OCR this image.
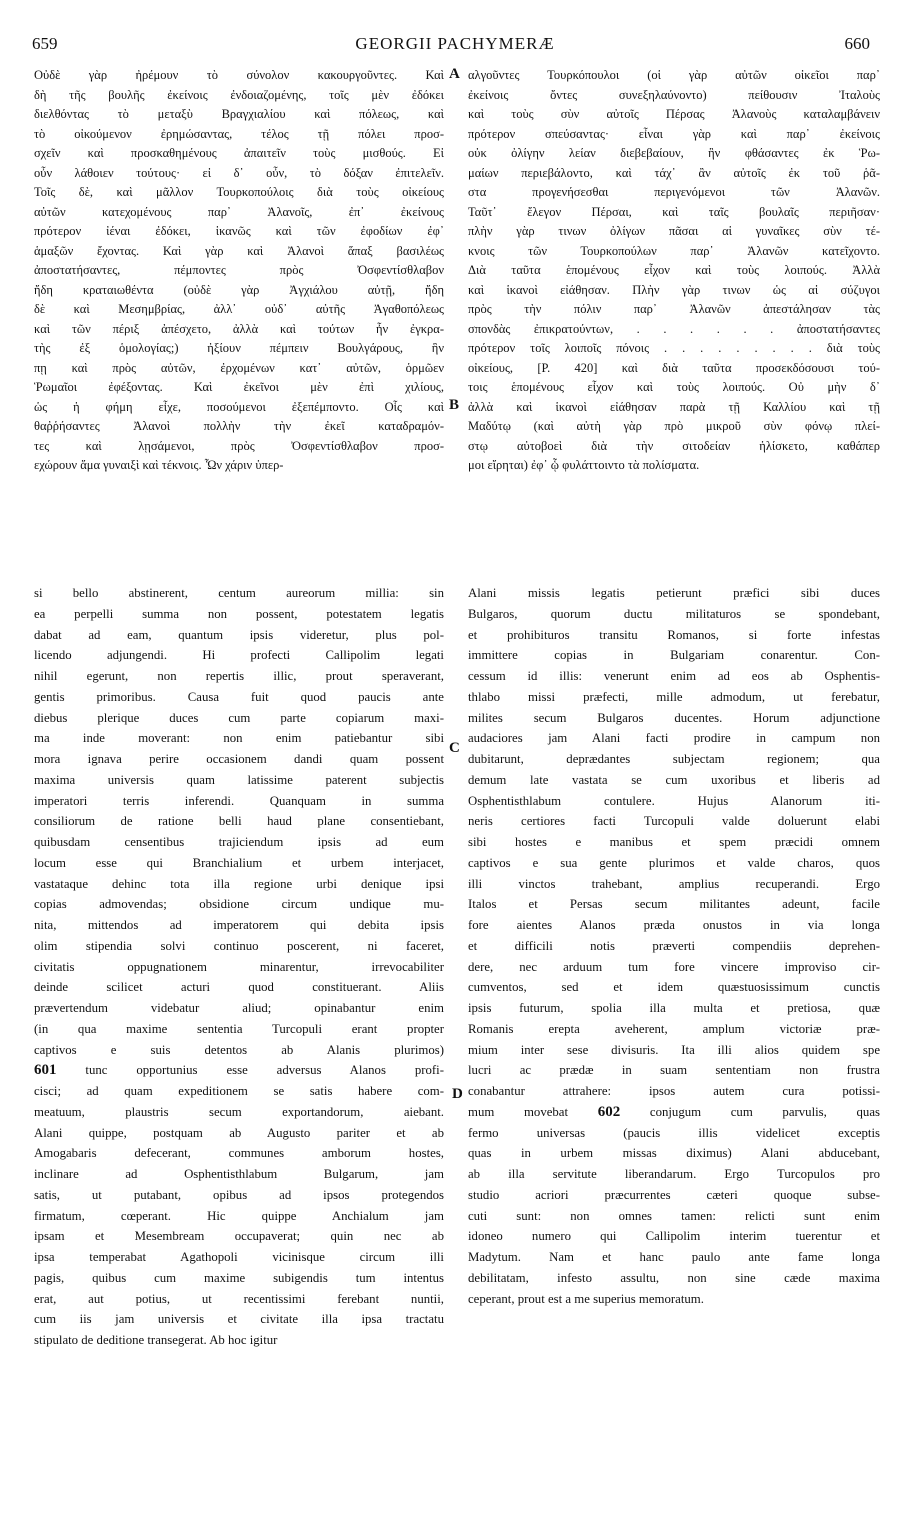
659	GEORGII PACHYMERÆ	660
Οὐδὲ γὰρ ἠρέμουν τὸ σύνολον κακουργοῦντες. Καὶ
δὴ τῆς βουλῆς ἐκείνοις ἐνδοιαζομένης, τοῖς μὲν ἐδόκει
διελθόντας τὸ μεταξὺ Βραγχιαλίου καὶ πόλεως, καὶ
τὸ οἰκούμενον ἐρημώσαντας, τέλος τῇ πόλει προσ-
σχεῖν καὶ προσκαθημένους ἀπαιτεῖν τοὺς μισθούς. Εἰ
οὖν λάθοιεν τούτους· εἰ δ᾽ οὖν, τὸ δόξαν ἐπιτελεῖν.
Τοῖς δὲ, καὶ μᾶλλον Τουρκοπούλοις διὰ τοὺς οἰκείους
αὐτῶν κατεχομένους παρ᾽ Ἀλανοῖς, ἐπ᾽ ἐκείνους
πρότερον ἰέναι ἐδόκει, ἱκανῶς καὶ τῶν ἐφοδίων ἐφ᾽
ἁμαξῶν ἔχοντας. Καὶ γὰρ καὶ Ἀλανοὶ ἅπαξ βασιλέως
ἀποστατήσαντες, πέμποντες πρὸς Ὀσφεντίσθλαβον
ἤδη κραταιωθέντα (οὐδὲ γὰρ Ἀγχιάλου αὐτῇ, ἤδη
δὲ καὶ Μεσημβρίας, ἀλλ᾽ οὐδ᾽ αὐτῆς Ἀγαθοπόλεως
καὶ τῶν πέριξ ἀπέσχετο, ἀλλὰ καὶ τούτων ἦν ἐγκρα-
τὴς ἐξ ὁμολογίας;) ἠξίουν πέμπειν Βουλγάρους, ἣν
πῃ καὶ πρὸς αὐτῶν, ἐρχομένων κατ᾽ αὐτῶν, ὁρμῶεν
Ῥωμαῖοι ἐφέξοντας. Καὶ ἐκεῖνοι μὲν ἐπὶ χιλίους,
ὡς ἡ φήμη εἶχε, ποσούμενοι ἐξεπέμποντο. Οἷς καὶ
θαῤῥήσαντες Ἀλανοὶ πολλὴν τὴν ἐκεῖ καταδραμόν-
τες καὶ λῃσάμενοι, πρὸς Ὀσφεντίσθλαβον προσ-
εχώρουν ἅμα γυναιξὶ καὶ τέκνοις. Ὧν χάριν ὑπερ-
αλγοῦντες Τουρκόπουλοι (οἱ γὰρ αὐτῶν οἰκεῖοι παρ᾽
ἐκείνοις ὄντες συνεξηλαύνοντο) πείθουσιν Ἰταλοὺς
καὶ τοὺς σὺν αὐτοῖς Πέρσας Ἀλανοὺς καταλαμβάνειν
πρότερον σπεύσαντας· εἶναι γὰρ καὶ παρ᾽ ἐκείνοις
οὐκ ὀλίγην λείαν διεβεβαίουν, ἣν φθάσαντες ἐκ Ῥω-
μαίων περιεβάλοντο, καὶ τάχ᾽ ἂν αὐτοῖς ἐκ τοῦ ῥᾶ-
στα προγενήσεσθαι περιγενόμενοι τῶν Ἀλανῶν.
Ταῦτ᾽ ἔλεγον Πέρσαι, καὶ ταῖς βουλαῖς περιῆσαν·
πλὴν γὰρ τινων ὀλίγων πᾶσαι αἱ γυναῖκες σὺν τέ-
κνοις τῶν Τουρκοπούλων παρ᾽ Ἀλανῶν κατεῖχοντο.
Διὰ ταῦτα ἑπομένους εἶχον καὶ τοὺς λοιπούς. Ἀλλὰ
καὶ ἱκανοὶ εἰάθησαν. Πλὴν γὰρ τινων ὡς αἱ σύζυγοι
πρὸς τὴν πόλιν παρ᾽ Ἀλανῶν ἀπεστάλησαν τὰς
σπονδὰς ἐπικρατούντων, . . . . . . ἀποστατήσαντες
πρότερον τοῖς λοιποῖς πόνοις . . . . . . . . . διὰ τοὺς
οἰκείους, [P. 420] καὶ διὰ ταῦτα προσεκδόσουσι τού-
τοις ἑπομένους εἶχον καὶ τοὺς λοιπούς. Οὐ μὴν δ᾽
ἀλλὰ καὶ ἱκανοὶ εἰάθησαν παρὰ τῇ Καλλίου καὶ τῇ
Μαδύτῳ (καὶ αὐτὴ γὰρ πρὸ μικροῦ σὺν φόνῳ πλεί-
στῳ αὐτοβοεὶ διὰ τὴν σιτοδείαν ἡλίσκετο, καθάπερ
μοι εἴρηται) ἐφ᾽ ᾧ φυλάττοιντο τὰ πολίσματα.
si bello abstinerent, centum aureorum millia: sin
ea perpelli summa non possent, potestatem legatis
dabat ad eam, quantum ipsis videretur, plus pol-
licendo adjungendi. Hi profecti Callipolim legati
nihil egerunt, non repertis illic, prout speraverant,
gentis primoribus. Causa fuit quod paucis ante
diebus plerique duces cum parte copiarum maxi-
ma inde moverant: non enim patiebantur sibi
mora ignava perire occasionem dandi quam possent
maxima universis quam latissime paterent subjectis
imperatori terris inferendi. Quanquam in summa
consiliorum de ratione belli haud plane consentiebant,
quibusdam censentibus trajiciendum ipsis ad eum
locum esse qui Branchialium et urbem interjacet,
vastataque dehinc tota illa regione urbi denique ipsi
copias admovendas; obsidione circum undique mu-
nita, mittendos ad imperatorem qui debita ipsis
olim stipendia solvi continuo poscerent, ni faceret,
civitatis oppugnationem minarentur, irrevocabiliter
deinde scilicet acturi quod constituerant. Aliis
prævertendum videbatur aliud; opinabantur enim
(in qua maxime sententia Turcopuli erant propter
captivos e suis detentos ab Alanis plurimos)
601 tunc opportunius esse adversus Alanos profi-
cisci; ad quam expeditionem se satis habere com-
meatuum, plaustris secum exportandorum, aiebant.
Alani quippe, postquam ab Augusto pariter et ab
Amogabaris defecerant, communes amborum hostes,
inclinare ad Osphentisthlabum Bulgarum, jam
satis, ut putabant, opibus ad ipsos protegendos
firmatum, cœperant. Hic quippe Anchialum jam
ipsam et Mesembream occupaverat; quin nec ab
ipsa temperabat Agathopoli vicinisque circum illi
pagis, quibus cum maxime subigendis tum intentus
erat, aut potius, ut recentissimi ferebant nuntii,
cum iis jam universis et civitate illa ipsa tractatu
stipulato de deditione transegerat. Ab hoc igitur
Alani missis legatis petierunt præfici sibi duces
Bulgaros, quorum ductu militaturos se spondebant,
et prohibituros transitu Romanos, si forte infestas
immittere copias in Bulgariam conarentur. Con-
cessum id illis: venerunt enim ad eos ab Osphentis-
thlabo missi præfecti, mille admodum, ut ferebatur,
milites secum Bulgaros ducentes. Horum adjunctione
audaciores jam Alani facti prodire in campum non
dubitarunt, deprædantes subjectam regionem; qua
demum late vastata se cum uxoribus et liberis ad
Osphentisthlabum contulere. Hujus Alanorum iti-
neris certiores facti Turcopuli valde doluerunt elabi
sibi hostes e manibus et spem præcidi omnem
captivos e sua gente plurimos et valde charos, quos
illi vinctos trahebant, amplius recuperandi. Ergo
Italos et Persas secum militantes adeunt, facile
fore aientes Alanos præda onustos in via longa
et difficili notis præverti compendiis deprehen-
dere, nec arduum tum fore vincere improviso cir-
cumventos, sed et idem quæstuosissimum cunctis
ipsis futurum, spolia illa multa et pretiosa, quæ
Romanis erepta aveherent, amplum victoriæ præ-
mium inter sese divisuris. Ita illi alios quidem spe
lucri ac prædæ in suam sententiam non frustra
conabantur attrahere: ipsos autem cura potissi-
mum movebat 602 conjugum cum parvulis, quas
fermo universas (paucis illis videlicet exceptis
quas in urbem missas diximus) Alani abducebant,
ab illa servitute liberandarum. Ergo Turcopulos pro
studio acriori præcurrentes cæteri quoque subse-
cuti sunt: non omnes tamen: relicti sunt enim
idoneo numero qui Callipolim interim tuerentur et
Madytum. Nam et hanc paulo ante fame longa
debilitatam, infesto assultu, non sine cæde maxima
ceperant, prout est a me superius memoratum.
A
B
C
D
